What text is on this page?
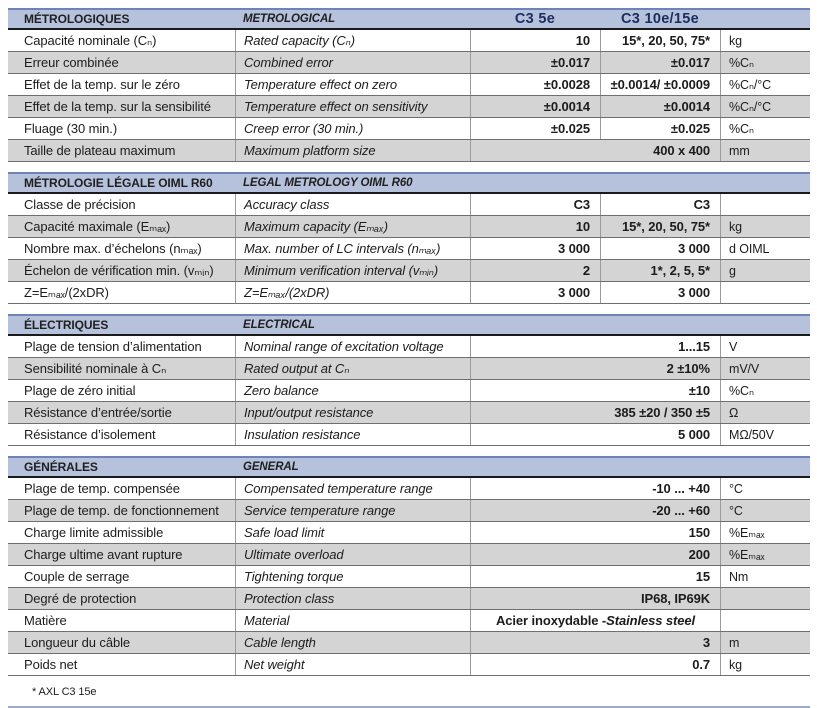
MÉTROLOGIQUES	METROLOGICAL	C3 5e	C3 10e/15e
Capacité nominale (Cₙ)	Rated capacity (Cₙ)	10	15*, 20, 50, 75*	kg
Erreur combinée	Combined error	±0.017	±0.017	%Cₙ
Effet de la temp. sur le zéro	Temperature effect on zero	±0.0028	±0.0014/ ±0.0009	%Cₙ/°C
Effet de la temp. sur la sensibilité	Temperature effect on sensitivity	±0.0014	±0.0014	%Cₙ/°C
Fluage (30 min.)	Creep error (30 min.)	±0.025	±0.025	%Cₙ
Taille de plateau maximum	Maximum platform size	400 x 400	mm
MÉTROLOGIE LÉGALE OIML R60	LEGAL METROLOGY OIML R60
Classe de précision	Accuracy class	C3	C3
Capacité maximale (Eₘₐₓ)	Maximum capacity (Eₘₐₓ)	10	15*, 20, 50, 75*	kg
Nombre max. d’échelons (nₘₐₓ)	Max. number of LC intervals (nₘₐₓ)	3 000	3 000	d OIML
Échelon de vérification min. (vₘᵢₙ)	Minimum verification interval (vₘᵢₙ)	2	1*, 2, 5, 5*	g
Z=Eₘₐₓ/(2xDR)	Z=Eₘₐₓ/(2xDR)	3 000	3 000
ÉLECTRIQUES	ELECTRICAL
Plage de tension d’alimentation	Nominal range of excitation voltage	1...15	V
Sensibilité nominale à Cₙ	Rated output at Cₙ	2 ±10%	mV/V
Plage de zéro initial	Zero balance	±10	%Cₙ
Résistance d’entrée/sortie	Input/output resistance	385 ±20 / 350 ±5	Ω
Résistance d’isolement	Insulation resistance	5 000	MΩ/50V
GÉNÉRALES	GENERAL
Plage de temp. compensée	Compensated temperature range	-10 ... +40	°C
Plage de temp. de fonctionnement	Service temperature range	-20 ... +60	°C
Charge limite admissible	Safe load limit	150	%Eₘₐₓ
Charge ultime avant rupture	Ultimate overload	200	%Eₘₐₓ
Couple de serrage	Tightening torque	15	Nm
Degré de protection	Protection class	IP68, IP69K
Matière	Material	Acier inoxydable - Stainless steel
Longueur du câble	Cable length	3	m
Poids net	Net weight	0.7	kg
* AXL C3 15e
